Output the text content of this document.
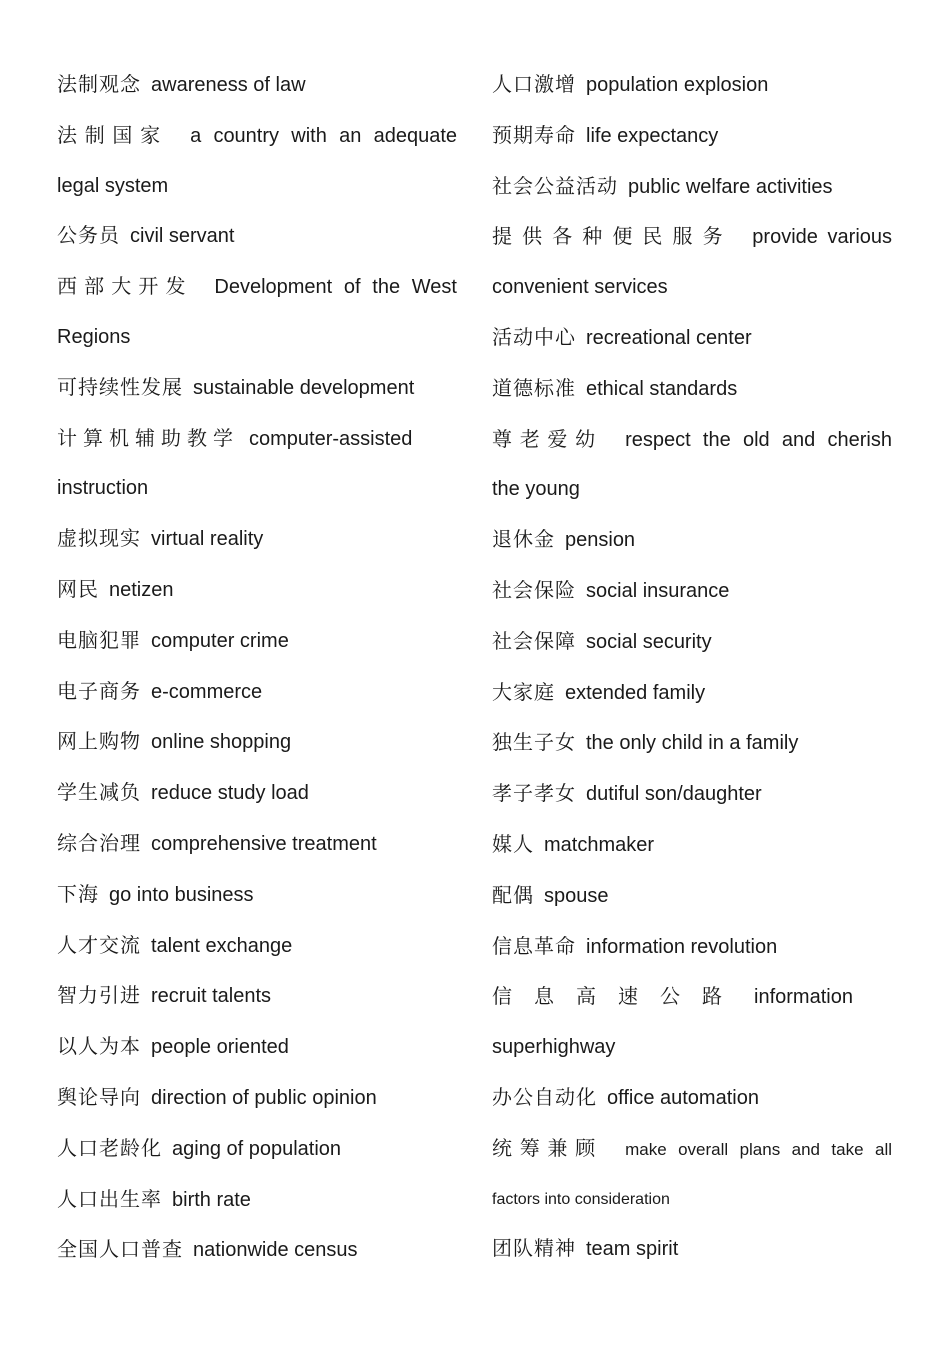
法制观念 awareness of law
法制国家 a country with an adequate
legal system
公务员 civil servant
西部大开发 Development of the West
Regions
可持续性发展 sustainable development
计算机辅助教学 computer-assisted
instruction
虚拟现实 virtual reality
网民 netizen
电脑犯罪 computer crime
电子商务 e-commerce
网上购物 online shopping
学生减负 reduce study load
综合治理 comprehensive treatment
下海 go into business
人才交流 talent exchange
智力引进 recruit talents
以人为本 people oriented
舆论导向 direction of public opinion
人口老龄化 aging of population
人口出生率 birth rate
全国人口普查 nationwide census
人口激增 population explosion
预期寿命 life expectancy
社会公益活动 public welfare activities
提供各种便民服务 provide various
convenient services
活动中心 recreational center
道德标准 ethical standards
尊老爱幼 respect the old and cherish
the young
退休金 pension
社会保险 social insurance
社会保障 social security
大家庭 extended family
独生子女 the only child in a family
孝子孝女 dutiful son/daughter
媒人 matchmaker
配偶 spouse
信息革命 information revolution
信息高速公路 information
superhighway
办公自动化 office automation
统筹兼顾 make overall plans and take all
factors into consideration
团队精神 team spirit
